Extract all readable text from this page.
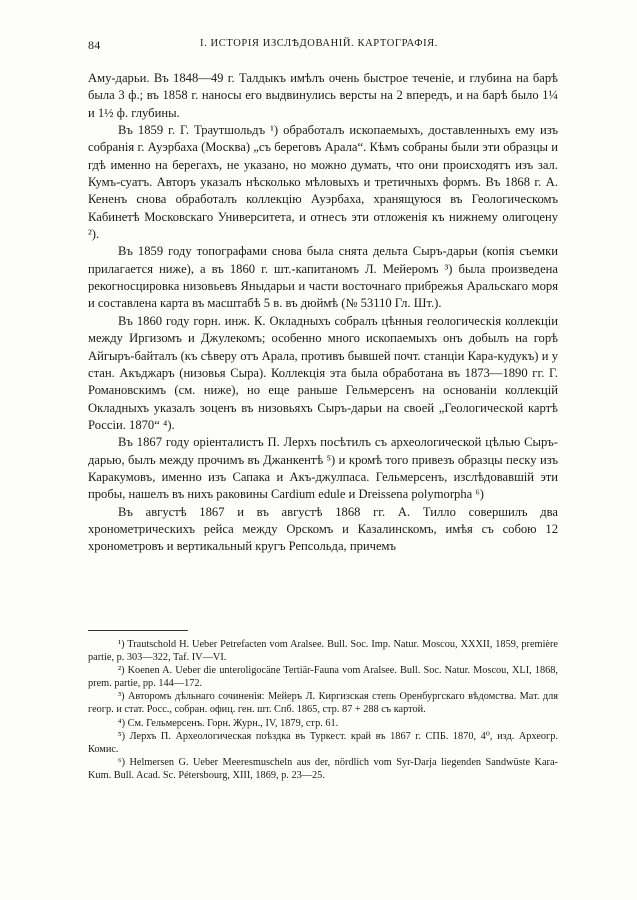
84	I. ИСТОРІЯ ИЗСЛѢДОВАНІЙ. КАРТОГРАФІЯ.

Аму-дарьи. Въ 1848—49 г. Талдыкъ имѣлъ очень быстрое теченіе, и глубина на барѣ была 3 ф.; въ 1858 г. наносы его выдвинулись версты на 2 впередъ, и на барѣ было 1¼ и 1½ ф. глубины.

Въ 1859 г. Г. Траутшольдъ ¹) обработалъ ископаемыхъ, доставленныхъ ему изъ собранія г. Ауэрбаха (Москва) „съ береговъ Арала“. Кѣмъ собраны были эти образцы и гдѣ именно на берегахъ, не указано, но можно думать, что они происходятъ изъ зал. Кумъ-суатъ. Авторъ указалъ нѣсколько мѣловыхъ и третичныхъ формъ. Въ 1868 г. А. Кененъ снова обработалъ коллекцію Ауэрбаха, хранящуюся въ Геологическомъ Кабинетѣ Московскаго Университета, и отнесъ эти отложенія къ нижнему олигоцену ²).

Въ 1859 году топографами снова была снята дельта Сыръ-дарьи (копія съемки прилагается ниже), а въ 1860 г. шт.-капитаномъ Л. Мейеромъ ³) была произведена рекогносцировка низовьевъ Яныдарьи и части восточнаго прибрежья Аральскаго моря и составлена карта въ масштабѣ 5 в. въ дюймѣ (№ 53110 Гл. Шт.).

Въ 1860 году горн. инж. К. Окладныхъ собралъ цѣнныя геологическія коллекціи между Иргизомъ и Джулекомъ; особенно много ископаемыхъ онъ добылъ на горѣ Айгыръ-байталъ (къ сѣверу отъ Арала, противъ бывшей почт. станціи Кара-кудукъ) и у стан. Акъджаръ (низовья Сыра). Коллекція эта была обработана въ 1873—1890 гг. Г. Романовскимъ (см. ниже), но еще раньше Гельмерсенъ на основаніи коллекцій Окладныхъ указалъ зоценъ въ низовьяхъ Сыръ-дарьи на своей „Геологической картѣ Россіи. 1870“ ⁴).

Въ 1867 году оріенталистъ П. Лерхъ посѣтилъ съ археологической цѣлью Сыръ-дарью, былъ между прочимъ въ Джанкентѣ ⁵) и кромѣ того привезъ образцы песку изъ Каракумовъ, именно изъ Сапака и Акъ-джулпаса. Гельмерсенъ, изслѣдовавшій эти пробы, нашелъ въ нихъ раковины Cardium edule и Dreissena polymorpha ⁶)

Въ августѣ 1867 и въ августѣ 1868 гг. А. Тилло совершилъ два хронометрическихъ рейса между Орскомъ и Казалинскомъ, имѣя съ собою 12 хронометровъ и вертикальный кругъ Репсольда, причемъ

¹) Trautschold H. Ueber Petrefacten vom Aralsee. Bull. Soc. Imp. Natur. Moscou, XXXII, 1859, première partie, p. 303—322, Taf. IV—VI.

²) Koenen A. Ueber die unteroligocäne Tertiär-Fauna vom Aralsee. Bull. Soc. Natur. Moscou, XLI, 1868, prem. partie, pp. 144—172.

³) Авторомъ дѣльнаго сочиненія: Мейеръ Л. Киргизская степь Оренбургскаго вѣдомства. Мат. для геогр. и стат. Росс., собран. офиц. ген. шт. Спб. 1865, стр. 87 + 288 съ картой.

⁴) См. Гельмерсенъ. Горн. Журн., IV, 1879, стр. 61.

⁵) Лерхъ П. Археологическая поѣздка въ Туркест. край въ 1867 г. СПБ. 1870, 4⁰, изд. Археогр. Комис.

⁶) Helmersen G. Ueber Meeresmuscheln aus der, nördlich vom Syr-Darja liegenden Sandwüste Kara-Kum. Bull. Acad. Sc. Pétersbourg, XIII, 1869, p. 23—25.
